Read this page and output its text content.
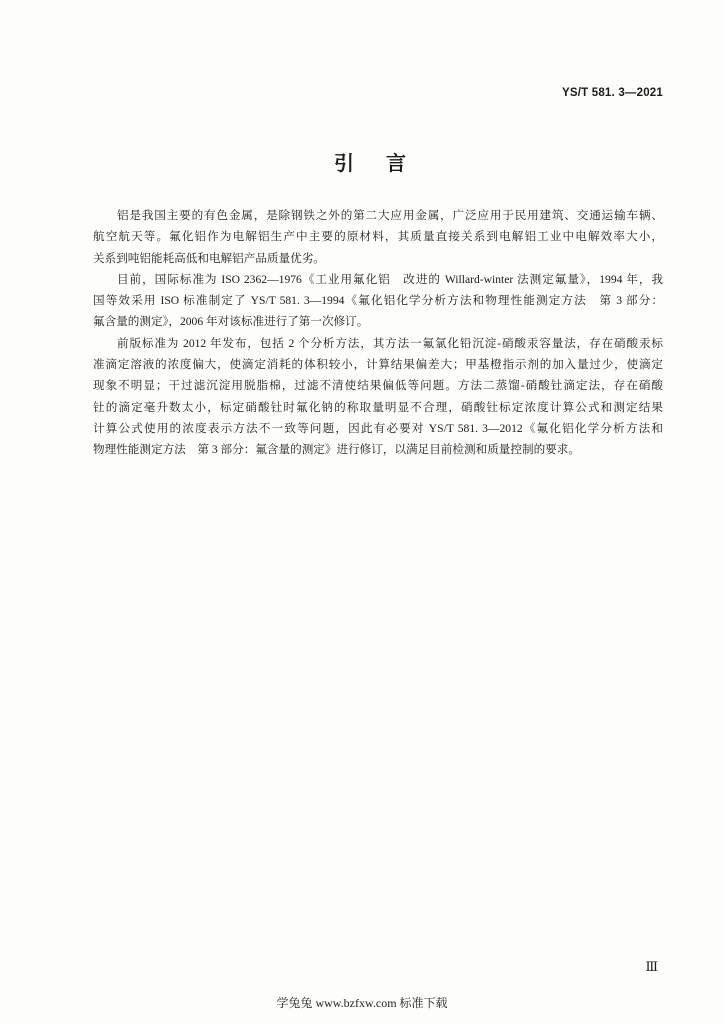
YS/T 581. 3—2021
引　言
铝是我国主要的有色金属，是除钢铁之外的第二大应用金属，广泛应用于民用建筑、交通运输车辆、
航空航天等。氟化铝作为电解铝生产中主要的原材料，其质量直接关系到电解铝工业中电解效率大小，
关系到吨铝能耗高低和电解铝产品质量优劣。
目前，国际标准为 ISO 2362—1976《工业用氟化铝　改进的 Willard-winter 法测定氟量》，1994 年，我
国等效采用 ISO 标准制定了 YS/T 581. 3—1994《氟化铝化学分析方法和物理性能测定方法　第 3 部分：
氟含量的测定》，2006 年对该标准进行了第一次修订。
前版标准为 2012 年发布，包括 2 个分析方法，其方法一氟氯化铅沉淀-硝酸汞容量法，存在硝酸汞标
准滴定溶液的浓度偏大，使滴定消耗的体积较小，计算结果偏差大；甲基橙指示剂的加入量过少，使滴定
现象不明显；干过滤沉淀用脱脂棉，过滤不清使结果偏低等问题。方法二蒸馏-硝酸钍滴定法，存在硝酸
钍的滴定毫升数太小，标定硝酸钍时氟化钠的称取量明显不合理，硝酸钍标定浓度计算公式和测定结果
计算公式使用的浓度表示方法不一致等问题，因此有必要对 YS/T 581. 3—2012《氟化铝化学分析方法和
物理性能测定方法　第 3 部分：氟含量的测定》进行修订，以满足目前检测和质量控制的要求。
Ⅲ
学兔兔 www.bzfxw.com 标准下载
